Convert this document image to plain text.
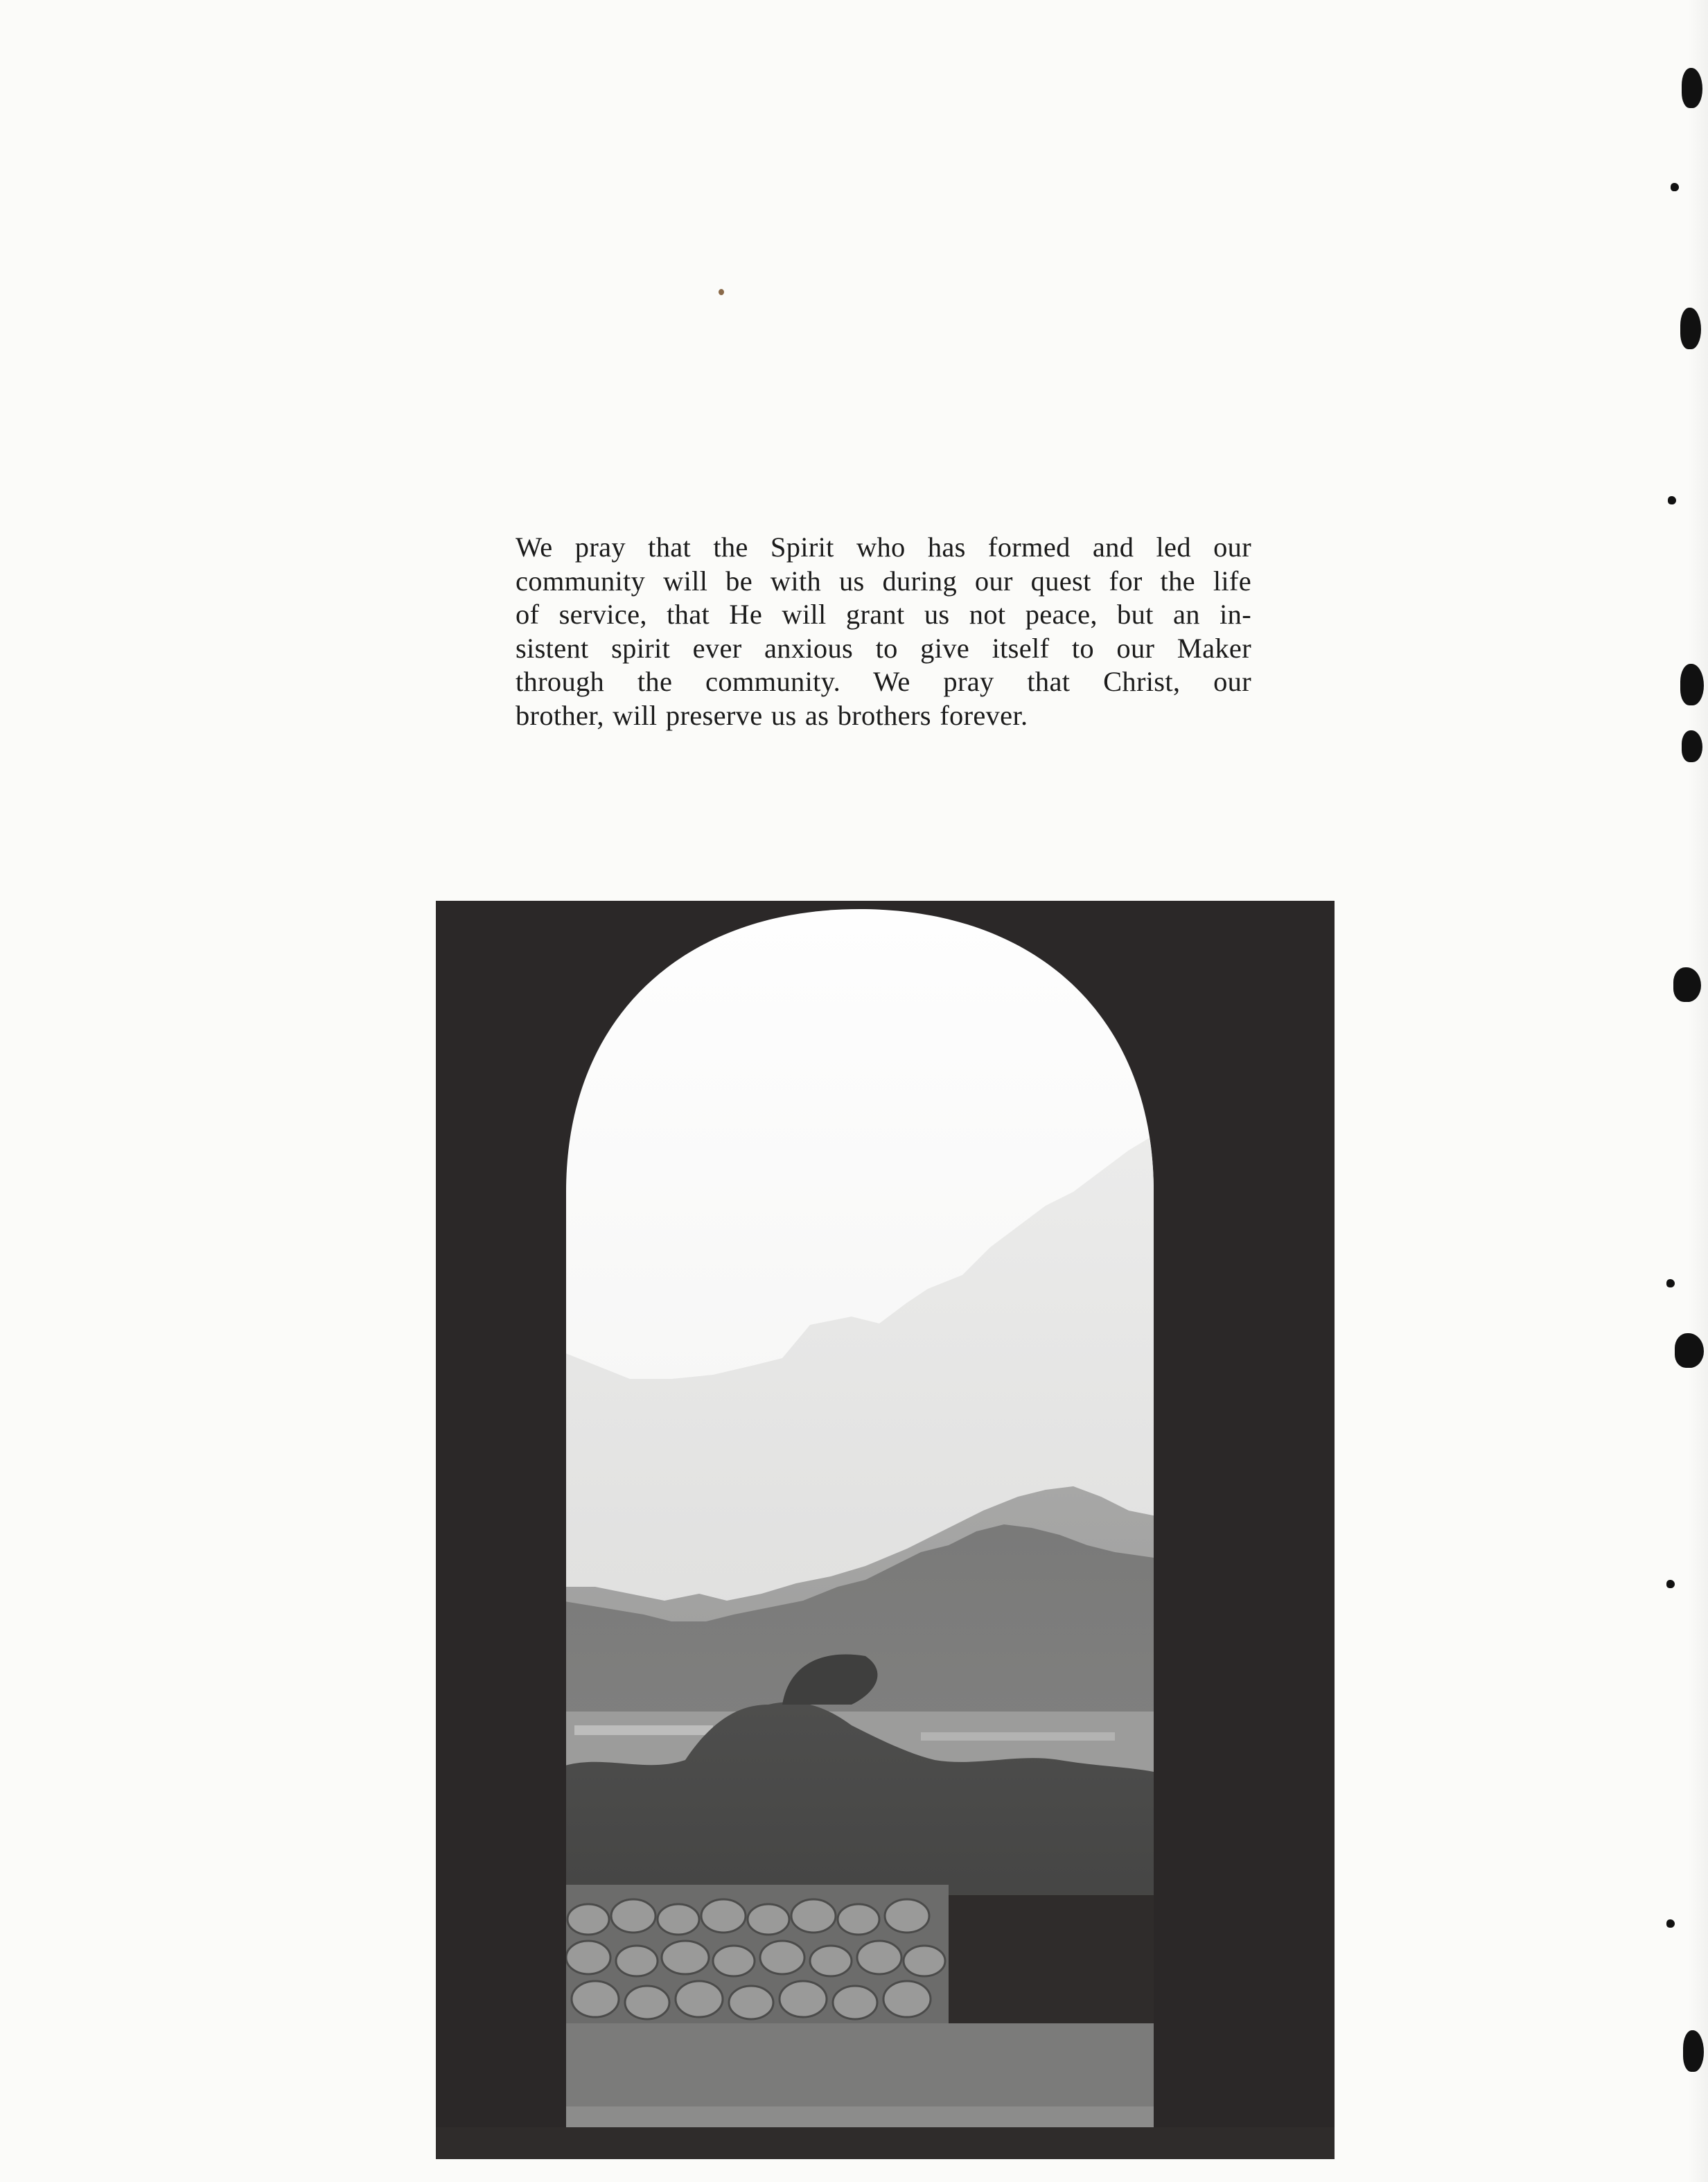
We pray that the Spirit who has formed and led our
community will be with us during our quest for the life
of service, that He will grant us not peace, but an in-
sistent spirit ever anxious to give itself to our Maker
through the community. We pray that Christ, our
brother, will preserve us as brothers forever.
